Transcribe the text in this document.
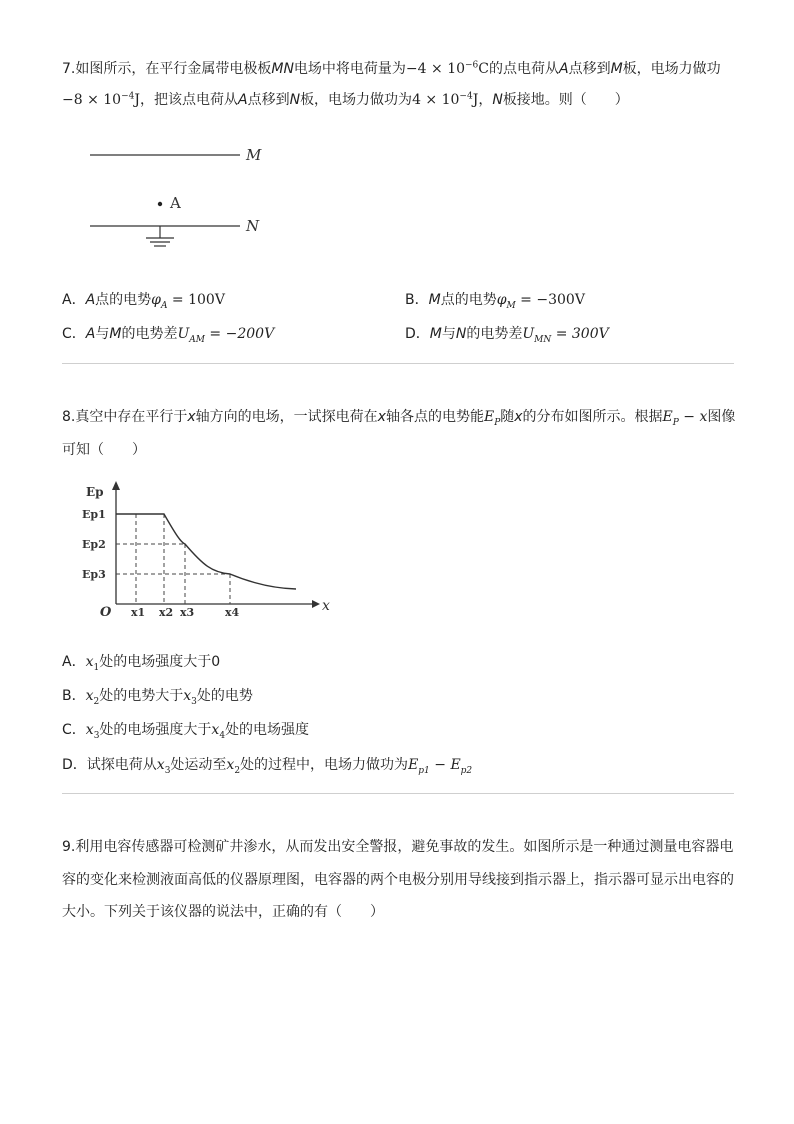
7.如图所示，在平行金属带电极板MN电场中将电荷量为$-4 \times 10^{-6}C$的点电荷从A点移到M板，电场力做功
$-8 \times 10^{-4}J$，把该点电荷从A点移到N板，电场力做功为$4 \times 10^{-4}J$，N板接地。则（　　）
M
A
N
A．A点的电势$\varphi_A = 100V$	B．M点的电势$\varphi_M = -300V$
C．A与M的电势差$U_{AM} = -200V$	D．M与N的电势差$U_{MN} = 300V$
8.真空中存在平行于x轴方向的电场，一试探电荷在x轴各点的电势能$E_P$随x的分布如图所示。根据$E_P - x$图像
可知（　　）
x
Ep
O
Ep1
Ep2
Ep3
x1 x2 x3	x4
A．$x_1$处的电场强度大于0
B．$x_2$处的电势大于$x_3$处的电势
C．$x_3$处的电场强度大于$x_4$处的电场强度
D．试探电荷从$x_3$处运动至$x_2$处的过程中，电场力做功为$E_{p1} - E_{p2}$
9.利用电容传感器可检测矿井渗水，从而发出安全警报，避免事故的发生。如图所示是一种通过测量电容器电
容的变化来检测液面高低的仪器原理图，电容器的两个电极分别用导线接到指示器上，指示器可显示出电容的
大小。下列关于该仪器的说法中，正确的有（　　）
